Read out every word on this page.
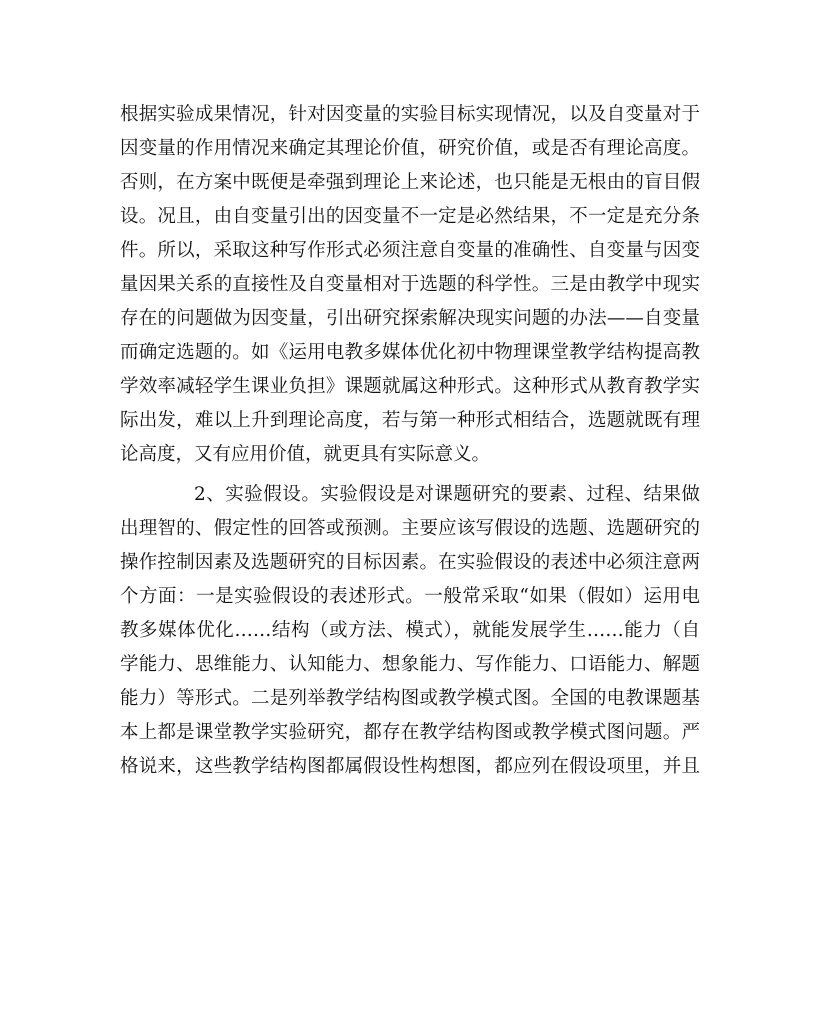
根据实验成果情况，针对因变量的实验目标实现情况，以及自变量对于
因变量的作用情况来确定其理论价值，研究价值，或是否有理论高度。
否则，在方案中既便是牵强到理论上来论述，也只能是无根由的盲目假
设。况且，由自变量引出的因变量不一定是必然结果，不一定是充分条
件。所以，采取这种写作形式必须注意自变量的准确性、自变量与因变
量因果关系的直接性及自变量相对于选题的科学性。三是由教学中现实
存在的问题做为因变量，引出研究探索解决现实问题的办法——自变量
而确定选题的。如《运用电教多媒体优化初中物理课堂教学结构提高教
学效率减轻学生课业负担》课题就属这种形式。这种形式从教育教学实
际出发，难以上升到理论高度，若与第一种形式相结合，选题就既有理
论高度，又有应用价值，就更具有实际意义。
2、实验假设。实验假设是对课题研究的要素、过程、结果做
出理智的、假定性的回答或预测。主要应该写假设的选题、选题研究的
操作控制因素及选题研究的目标因素。在实验假设的表述中必须注意两
个方面：一是实验假设的表述形式。一般常采取“如果（假如）运用电
教多媒体优化……结构（或方法、模式），就能发展学生……能力（自
学能力、思维能力、认知能力、想象能力、写作能力、口语能力、解题
能力）等形式。二是列举教学结构图或教学模式图。全国的电教课题基
本上都是课堂教学实验研究，都存在教学结构图或教学模式图问题。严
格说来，这些教学结构图都属假设性构想图，都应列在假设项里，并且
